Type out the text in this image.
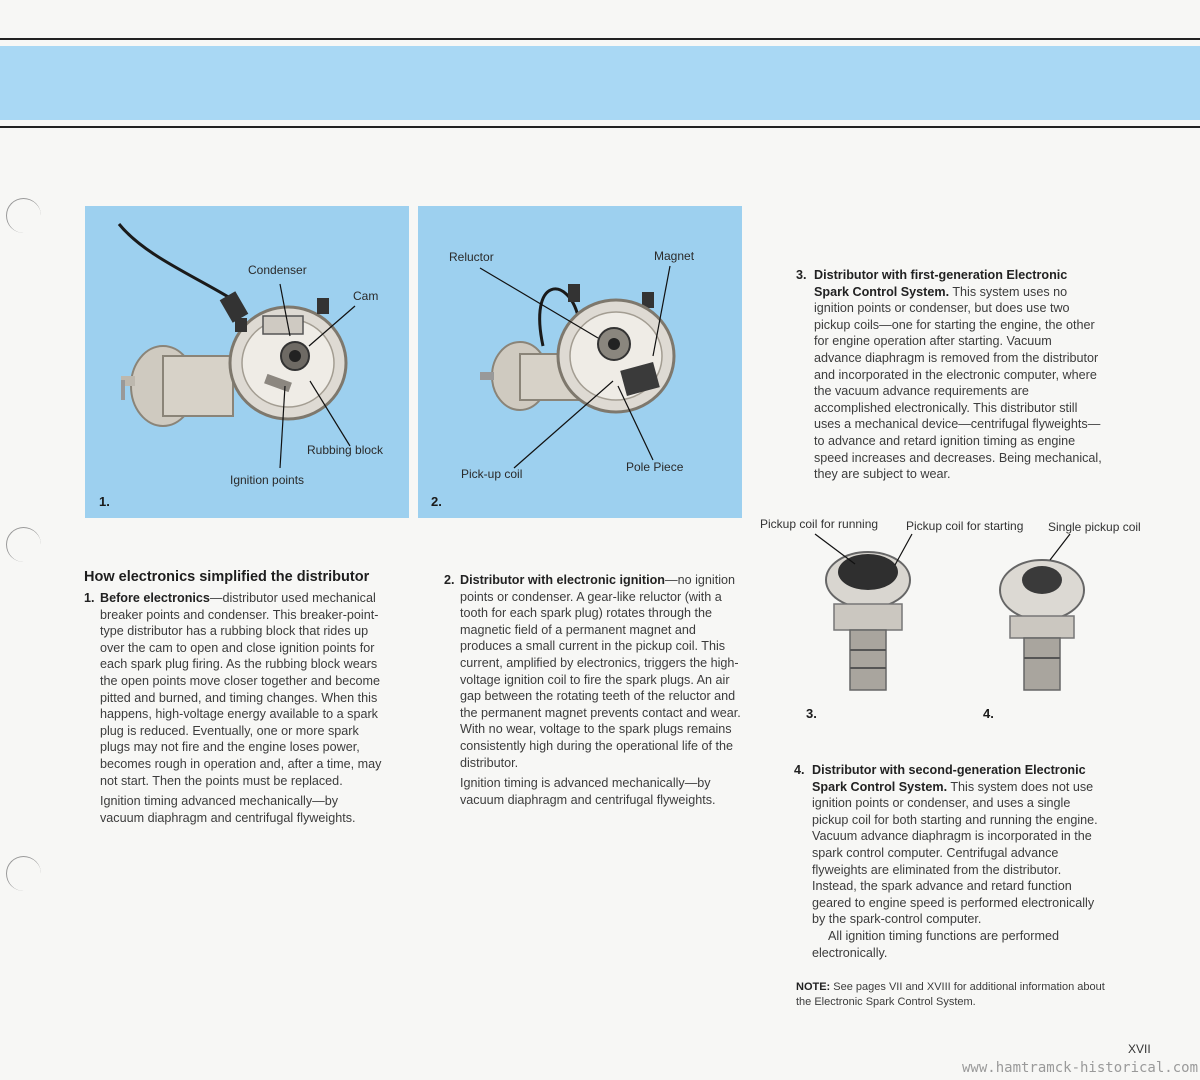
Condenser
Cam
Rubbing block
Ignition points
1.
Reluctor	Magnet
Pick-up coil	Pole Piece
2.
Pickup coil for running Pickup coil for starting Single pickup coil
3.	4.
How electronics simplified the distributor
1. Before electronics—distributor used mechanical breaker points and condenser. This breaker-point-type distributor has a rubbing block that rides up over the cam to open and close ignition points for each spark plug firing. As the rubbing block wears the open points move closer together and become pitted and burned, and timing changes. When this happens, high-voltage energy available to a spark plug is reduced. Eventually, one or more spark plugs may not fire and the engine loses power, becomes rough in operation and, after a time, may not start. Then the points must be replaced.

Ignition timing advanced mechanically—by vacuum diaphragm and centrifugal flyweights.

2. Distributor with electronic ignition—no ignition points or condenser. A gear-like reluctor (with a tooth for each spark plug) rotates through the magnetic field of a permanent magnet and produces a small current in the pickup coil. This current, amplified by electronics, triggers the high-voltage ignition coil to fire the spark plugs. An air gap between the rotating teeth of the reluctor and the permanent magnet prevents contact and wear. With no wear, voltage to the spark plugs remains consistently high during the operational life of the distributor.

Ignition timing is advanced mechanically—by vacuum diaphragm and centrifugal flyweights.

3. Distributor with first-generation Electronic Spark Control System. This system uses no ignition points or condenser, but does use two pickup coils—one for starting the engine, the other for engine operation after starting. Vacuum advance diaphragm is removed from the distributor and incorporated in the electronic computer, where the vacuum advance requirements are accomplished electronically. This distributor still uses a mechanical device—centrifugal flyweights—to advance and retard ignition timing as engine speed increases and decreases. Being mechanical, they are subject to wear.

4. Distributor with second-generation Electronic Spark Control System. This system does not use ignition points or condenser, and uses a single pickup coil for both starting and running the engine. Vacuum advance diaphragm is incorporated in the spark control computer. Centrifugal advance flyweights are eliminated from the distributor. Instead, the spark advance and retard function geared to engine speed is performed electronically by the spark-control computer.

All ignition timing functions are performed electronically.

NOTE: See pages VII and XVIII for additional information about the Electronic Spark Control System.
XVII
www.hamtramck-historical.com
